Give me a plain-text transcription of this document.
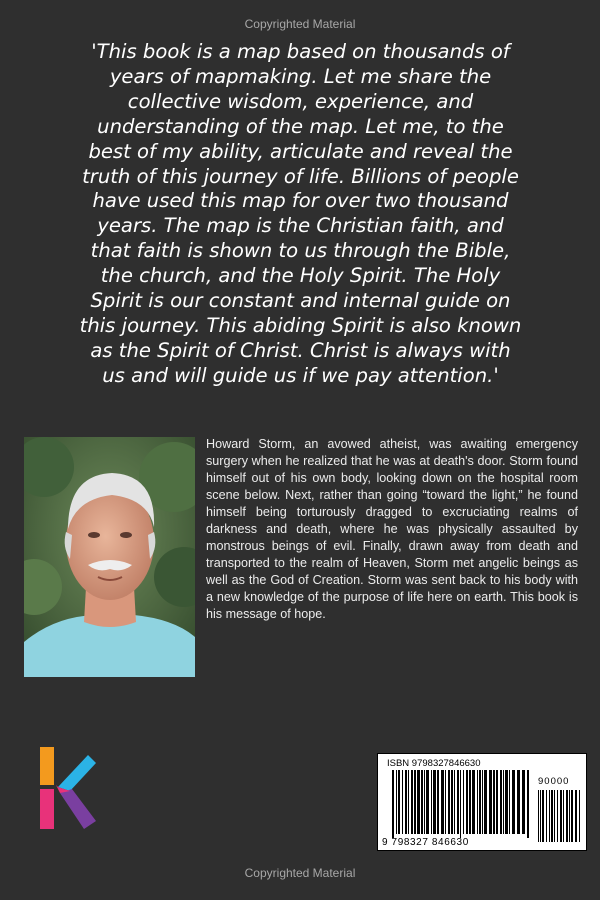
Copyrighted Material
'This book is a map based on thousands of
years of mapmaking. Let me share the
collective wisdom, experience, and
understanding of the map. Let me, to the
best of my ability, articulate and reveal the
truth of this journey of life. Billions of people
have used this map for over two thousand
years. The map is the Christian faith, and
that faith is shown to us through the Bible,
the church, and the Holy Spirit. The Holy
Spirit is our constant and internal guide on
this journey. This abiding Spirit is also known
as the Spirit of Christ. Christ is always with
us and will guide us if we pay attention.'
Howard Storm, an avowed atheist, was awaiting emergency surgery when he realized that he was at death's door. Storm found himself out of his own body, looking down on the hospital room scene below. Next, rather than going “toward the light,” he found himself being torturously dragged to excruciating realms of darkness and death, where he was physically assaulted by monstrous beings of evil. Finally, drawn away from death and transported to the realm of Heaven, Storm met angelic beings as well as the God of Creation. Storm was sent back to his body with a new knowledge of the purpose of life here on earth. This book is his message of hope.
ISBN 9798327846630
90000
9 798327 846630
Copyrighted Material
